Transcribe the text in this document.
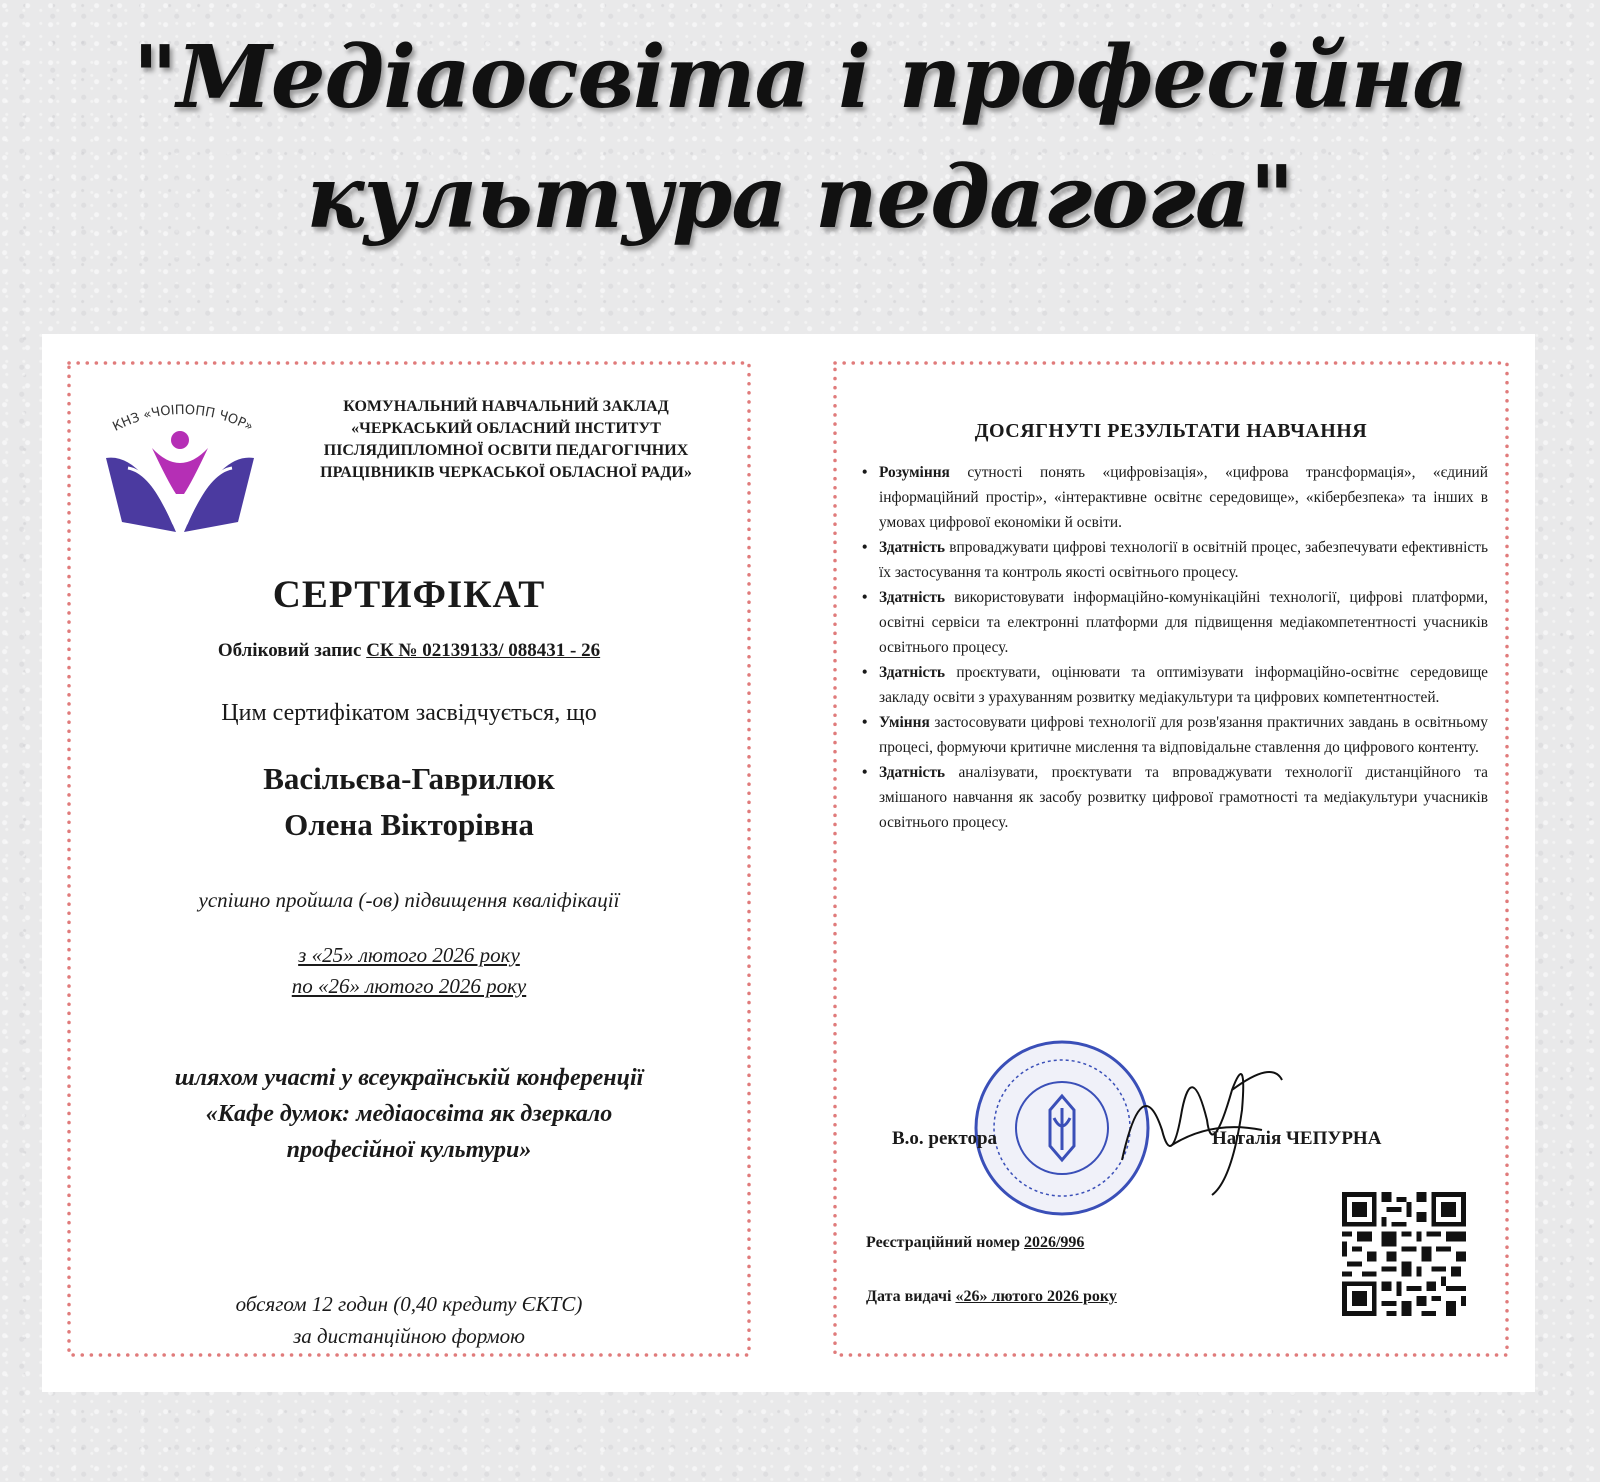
"Медіаосвіта і професійна
культура педагога"
КНЗ «ЧОІПОПП ЧОР»
КОМУНАЛЬНИЙ НАВЧАЛЬНИЙ ЗАКЛАД
«ЧЕРКАСЬКИЙ ОБЛАСНИЙ ІНСТИТУТ
ПІСЛЯДИПЛОМНОЇ ОСВІТИ ПЕДАГОГІЧНИХ
ПРАЦІВНИКІВ ЧЕРКАСЬКОЇ ОБЛАСНОЇ РАДИ»
СЕРТИФІКАТ
Обліковий запис СК № 02139133/ 088431 - 26
Цим сертифікатом засвідчується, що
Васільєва-Гаврилюк
Олена Вікторівна
успішно пройшла (-ов) підвищення кваліфікації
з «25» лютого 2026 року
по «26» лютого 2026 року
шляхом участі у всеукраїнській конференції
«Кафе думок: медіаосвіта як дзеркало
професійної культури»
обсягом 12 годин (0,40 кредиту ЄКТС)
за дистанційною формою
ДОСЯГНУТІ РЕЗУЛЬТАТИ НАВЧАННЯ
• Розуміння сутності понять «цифровізація», «цифрова трансформація», «єдиний інформаційний простір», «інтерактивне освітнє середовище», «кібербезпека» та інших в умовах цифрової економіки й освіти.
• Здатність впроваджувати цифрові технології в освітній процес, забезпечувати ефективність їх застосування та контроль якості освітнього процесу.
• Здатність використовувати інформаційно-комунікаційні технології, цифрові платформи, освітні сервіси та електронні платформи для підвищення медіакомпетентності учасників освітнього процесу.
• Здатність проєктувати, оцінювати та оптимізувати інформаційно-освітнє середовище закладу освіти з урахуванням розвитку медіакультури та цифрових компетентностей.
• Уміння застосовувати цифрові технології для розв'язання практичних завдань в освітньому процесі, формуючи критичне мислення та відповідальне ставлення до цифрового контенту.
• Здатність аналізувати, проєктувати та впроваджувати технології дистанційного та змішаного навчання як засобу розвитку цифрової грамотності та медіакультури учасників освітнього процесу.
В.о. ректора	Наталія ЧЕПУРНА
Реєстраційний номер 2026/996
Дата видачі «26» лютого 2026 року
